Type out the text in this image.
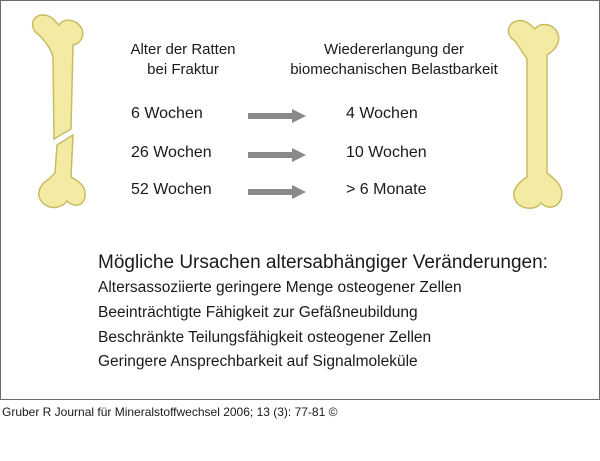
Alter der Ratten
bei Fraktur
Wiedererlangung der
biomechanischen Belastbarkeit
6 Wochen	4 Wochen
26 Wochen	10 Wochen
52 Wochen	> 6 Monate
Mögliche Ursachen altersabhängiger Veränderungen:
Altersassoziierte geringere Menge osteogener Zellen
Beeinträchtigte Fähigkeit zur Gefäßneubildung
Beschränkte Teilungsfähigkeit osteogener Zellen
Geringere Ansprechbarkeit auf Signalmoleküle
Gruber R Journal für Mineralstoffwechsel 2006; 13 (3): 77-81 ©
